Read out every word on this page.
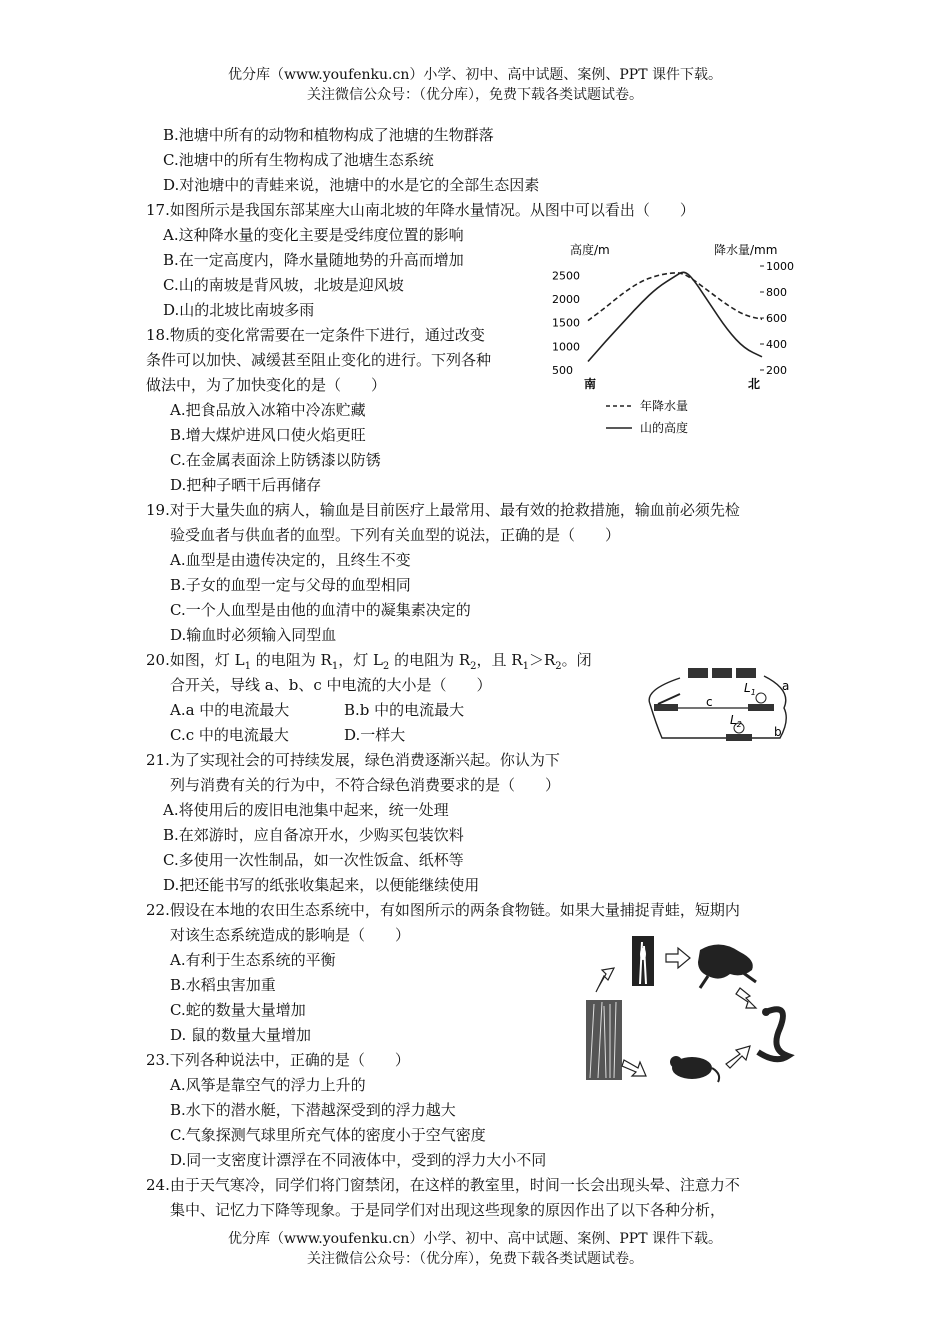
优分库（www.youfenku.cn）小学、初中、高中试题、案例、PPT 课件下载。
关注微信公众号：（优分库），免费下载各类试题试卷。
B.池塘中所有的动物和植物构成了池塘的生物群落
C.池塘中的所有生物构成了池塘生态系统
D.对池塘中的青蛙来说，池塘中的水是它的全部生态因素
17.如图所示是我国东部某座大山南北坡的年降水量情况。从图中可以看出（　　）
A.这种降水量的变化主要是受纬度位置的影响
B.在一定高度内，降水量随地势的升高而增加
C.山的南坡是背风坡，北坡是迎风坡
D.山的北坡比南坡多雨
高度/m	降水量/mm
500
1000
1500
2000
2500
200
400
600
800
1000
南	北
年降水量
山的高度
18.物质的变化常需要在一定条件下进行，通过改变
条件可以加快、减缓甚至阻止变化的进行。下列各种
做法中，为了加快变化的是（　　）
A.把食品放入冰箱中冷冻贮藏
B.增大煤炉进风口使火焰更旺
C.在金属表面涂上防锈漆以防锈
D.把种子晒干后再储存
19.对于大量失血的病人，输血是目前医疗上最常用、最有效的抢救措施，输血前必须先检
验受血者与供血者的血型。下列有关血型的说法，正确的是（　　）
A.血型是由遗传决定的，且终生不变
B.子女的血型一定与父母的血型相同
C.一个人血型是由他的血清中的凝集素决定的
D.输血时必须输入同型血
20.如图，灯 $L_1$ 的电阻为 $R_1$，灯 $L_2$ 的电阻为 $R_2$，且 $R_1>R_2$。闭
合开关，导线 a、b、c 中电流的大小是（　　）
A.a 中的电流最大	B.b 中的电流最大
C.c 中的电流最大	D.一样大
$L_1$
$L_2$
a
b
c
21.为了实现社会的可持续发展，绿色消费逐渐兴起。你认为下
列与消费有关的行为中，不符合绿色消费要求的是（　　）
A.将使用后的废旧电池集中起来，统一处理
B.在郊游时，应自备凉开水，少购买包装饮料
C.多使用一次性制品，如一次性饭盒、纸杯等
D.把还能书写的纸张收集起来，以便能继续使用
22.假设在本地的农田生态系统中，有如图所示的两条食物链。如果大量捕捉青蛙，短期内
对该生态系统造成的影响是（　　）
A.有利于生态系统的平衡
B.水稻虫害加重
C.蛇的数量大量增加
D. 鼠的数量大量增加
23.下列各种说法中，正确的是（　　）
A.风筝是靠空气的浮力上升的
B.水下的潜水艇，下潜越深受到的浮力越大
C.气象探测气球里所充气体的密度小于空气密度
D.同一支密度计漂浮在不同液体中，受到的浮力大小不同
24.由于天气寒冷，同学们将门窗禁闭，在这样的教室里，时间一长会出现头晕、注意力不
集中、记忆力下降等现象。于是同学们对出现这些现象的原因作出了以下各种分析，
优分库（www.youfenku.cn）小学、初中、高中试题、案例、PPT 课件下载。
关注微信公众号：（优分库），免费下载各类试题试卷。
